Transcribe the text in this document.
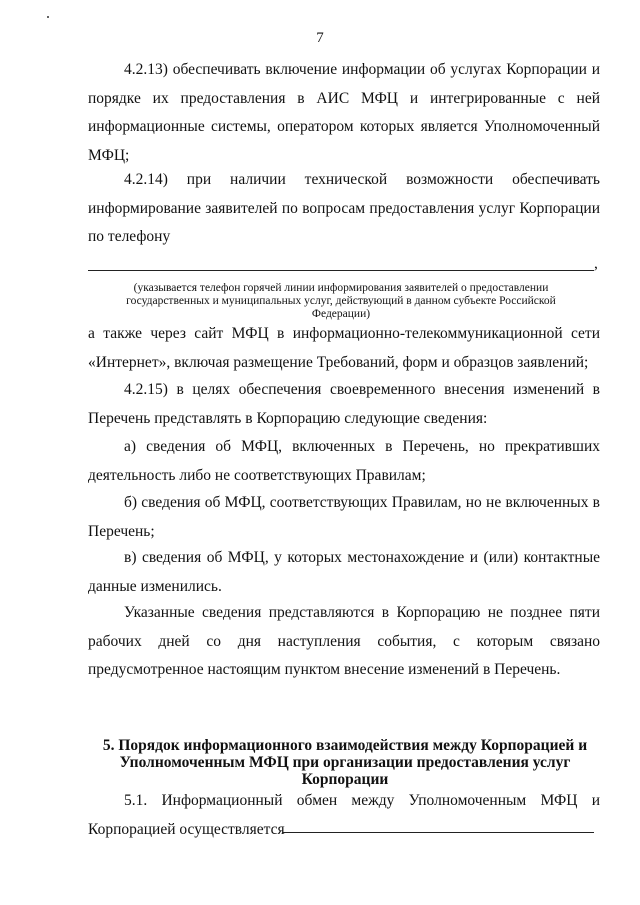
7

4.2.13) обеспечивать включение информации об услугах Корпорации и порядке их предоставления в АИС МФЦ и интегрированные с ней информационные системы, оператором которых является Уполномоченный МФЦ;

4.2.14) при наличии технической возможности обеспечивать информирование заявителей по вопросам предоставления услуг Корпорации по телефону

,

(указывается телефон горячей линии информирования заявителей о предоставлении государственных и муниципальных услуг, действующий в данном субъекте Российской Федерации)

а также через сайт МФЦ в информационно-телекоммуникационной сети «Интернет», включая размещение Требований, форм и образцов заявлений;

4.2.15) в целях обеспечения своевременного внесения изменений в Перечень представлять в Корпорацию следующие сведения:

а) сведения об МФЦ, включенных в Перечень, но прекративших деятельность либо не соответствующих Правилам;

б) сведения об МФЦ, соответствующих Правилам, но не включенных в Перечень;

в) сведения об МФЦ, у которых местонахождение и (или) контактные данные изменились.

Указанные сведения представляются в Корпорацию не позднее пяти рабочих дней со дня наступления события, с которым связано предусмотренное настоящим пунктом внесение изменений в Перечень.

5. Порядок информационного взаимодействия между Корпорацией и Уполномоченным МФЦ при организации предоставления услуг Корпорации

5.1. Информационный обмен между Уполномоченным МФЦ и Корпорацией осуществляется
